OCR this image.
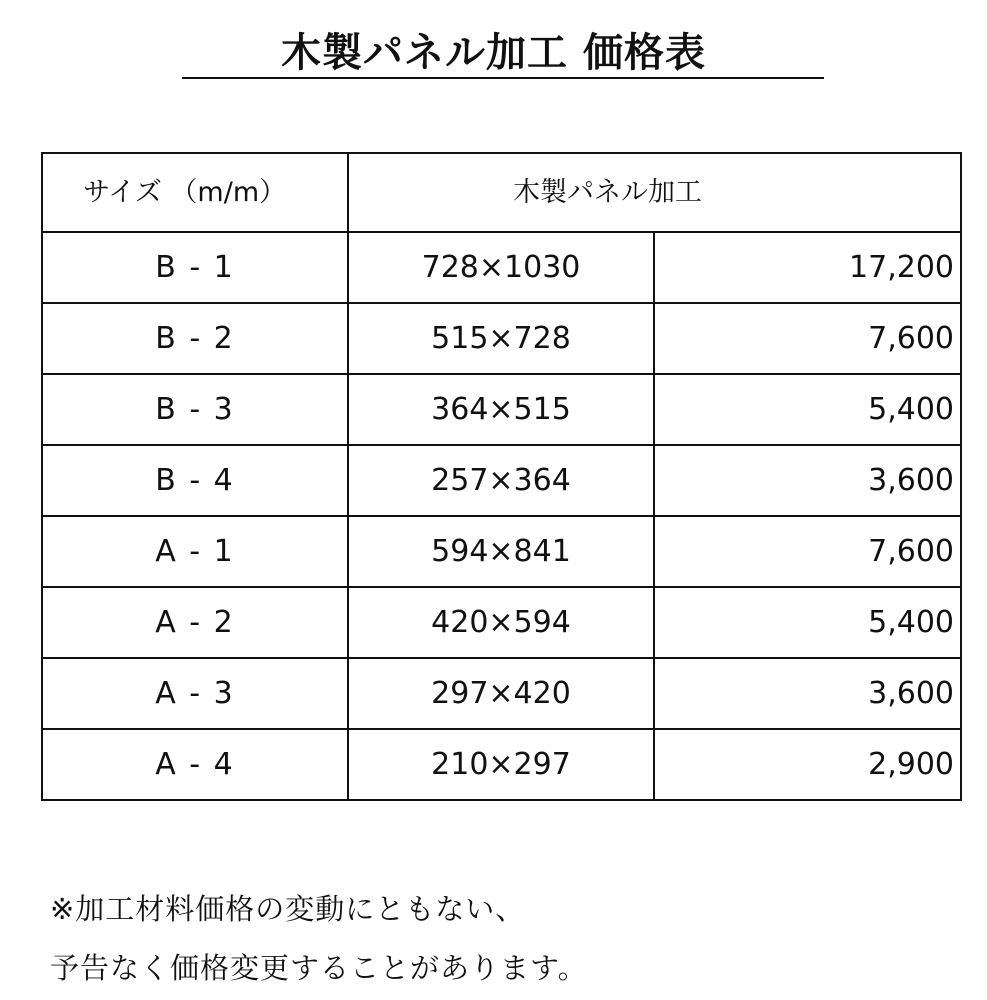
木製パネル加工 価格表
サイズ （m/m）	木製パネル加工	
B - 1	728×1030	17,200
B - 2	515×728	7,600
B - 3	364×515	5,400
B - 4	257×364	3,600
A - 1	594×841	7,600
A - 2	420×594	5,400
A - 3	297×420	3,600
A - 4	210×297	2,900
※加工材料価格の変動にともない、
予告なく価格変更することがあります。
